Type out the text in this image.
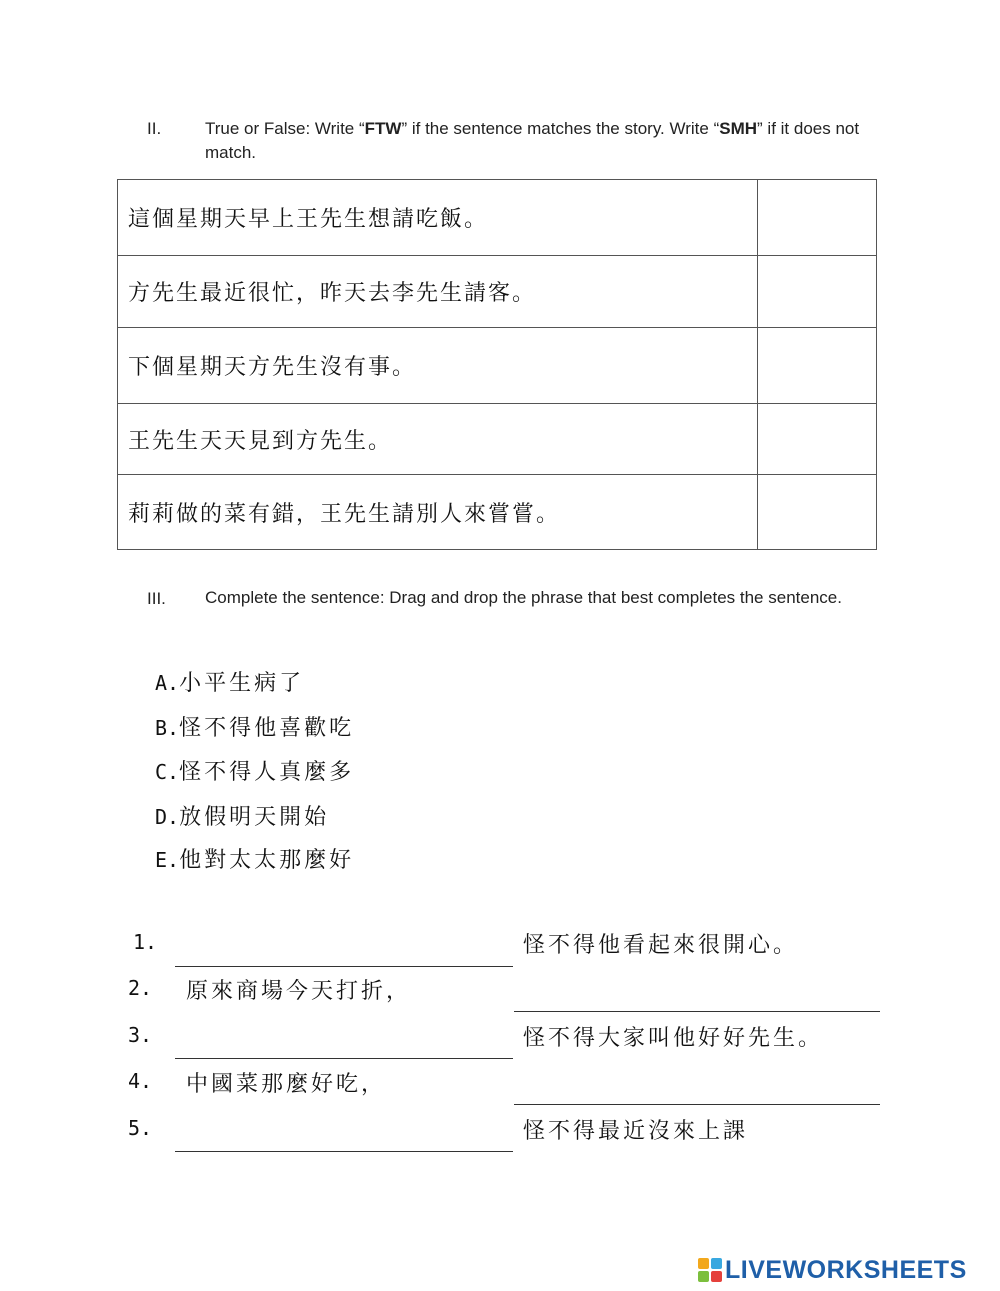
II.	True or False: Write “FTW” if the sentence matches the story. Write “SMH” if it does not match.
這個星期天早上王先生想請吃飯。	
方先生最近很忙，昨天去李先生請客。	
下個星期天方先生沒有事。	
王先生天天見到方先生。	
莉莉做的菜有錯，王先生請別人來嘗嘗。	
III. Complete the sentence: Drag and drop the phrase that best completes the sentence.
A.小平生病了
B.怪不得他喜歡吃
C.怪不得人真麼多
D.放假明天開始
E.他對太太那麼好
1.	怪不得他看起來很開心。
2. 原來商場今天打折，
3.	怪不得大家叫他好好先生。
4. 中國菜那麼好吃，
5.	怪不得最近沒來上課
LIVEWORKSHEETS
